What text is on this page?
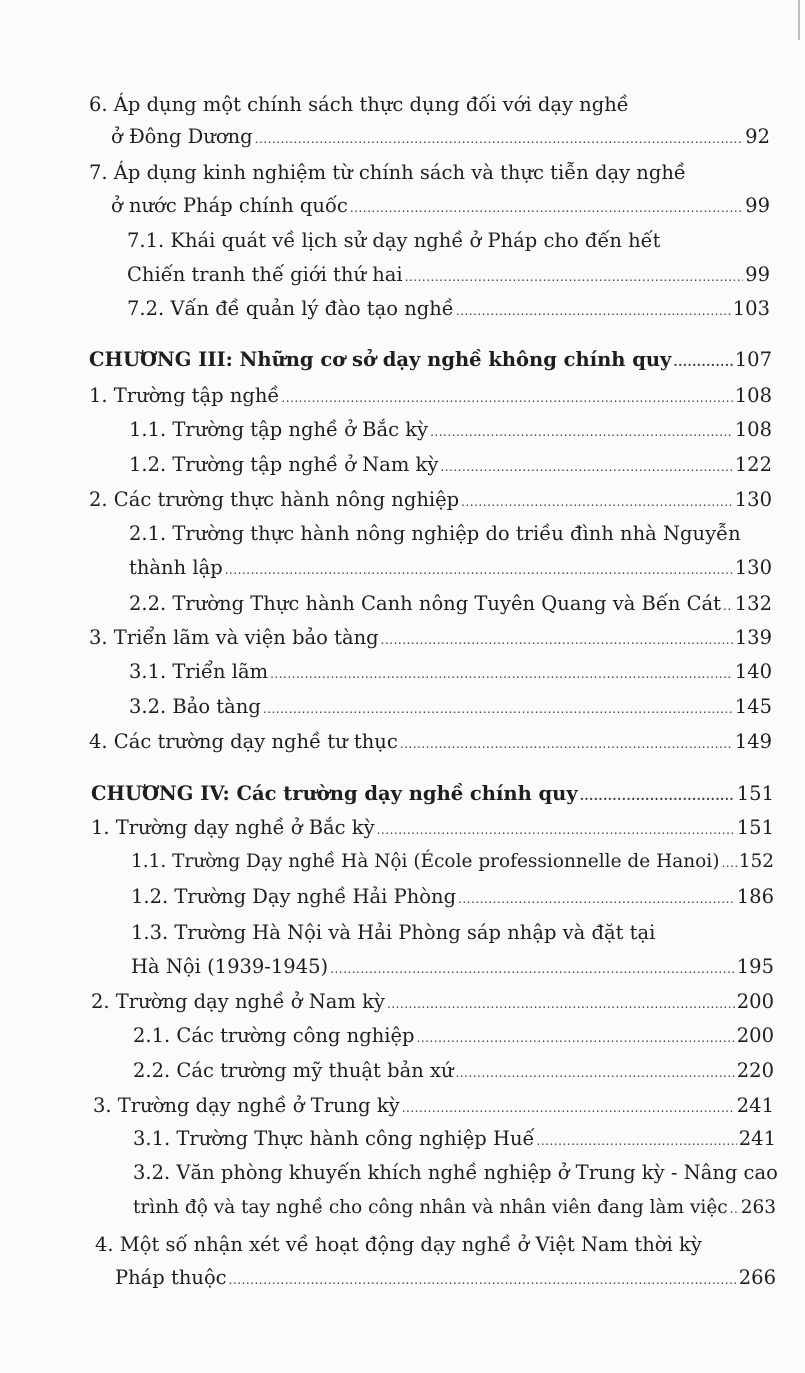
6. Áp dụng một chính sách thực dụng đối với dạy nghề
ở Đông Dương .....	92
7. Áp dụng kinh nghiệm từ chính sách và thực tiễn dạy nghề
ở nước Pháp chính quốc .....	99
7.1. Khái quát về lịch sử dạy nghề ở Pháp cho đến hết
Chiến tranh thế giới thứ hai .....	99
7.2. Vấn đề quản lý đào tạo nghề .....	103
CHƯƠNG III: Những cơ sở dạy nghề không chính quy .....	107
1. Trường tập nghề .....	108
1.1. Trường tập nghề ở Bắc kỳ .....	108
1.2. Trường tập nghề ở Nam kỳ .....	122
2. Các trường thực hành nông nghiệp .....	130
2.1. Trường thực hành nông nghiệp do triều đình nhà Nguyễn
thành lập .....	130
2.2. Trường Thực hành Canh nông Tuyên Quang và Bến Cát ..... 132
3. Triển lãm và viện bảo tàng .....	139
3.1. Triển lãm .....	140
3.2. Bảo tàng .....	145
4. Các trường dạy nghề tư thục .....	149
CHƯƠNG IV: Các trường dạy nghề chính quy .....	151
1. Trường dạy nghề ở Bắc kỳ .....	151
1.1. Trường Dạy nghề Hà Nội (École professionnelle de Hanoi) ..... 152
1.2. Trường Dạy nghề Hải Phòng .....	186
1.3. Trường Hà Nội và Hải Phòng sáp nhập và đặt tại
Hà Nội (1939-1945) .....	195
2. Trường dạy nghề ở Nam kỳ .....	200
2.1. Các trường công nghiệp .....	200
2.2. Các trường mỹ thuật bản xứ .....	220
3. Trường dạy nghề ở Trung kỳ .....	241
3.1. Trường Thực hành công nghiệp Huế .....	241
3.2. Văn phòng khuyến khích nghề nghiệp ở Trung kỳ - Nâng cao
trình độ và tay nghề cho công nhân và nhân viên đang làm việc ..... 263
4. Một số nhận xét về hoạt động dạy nghề ở Việt Nam thời kỳ
Pháp thuộc .....	266
